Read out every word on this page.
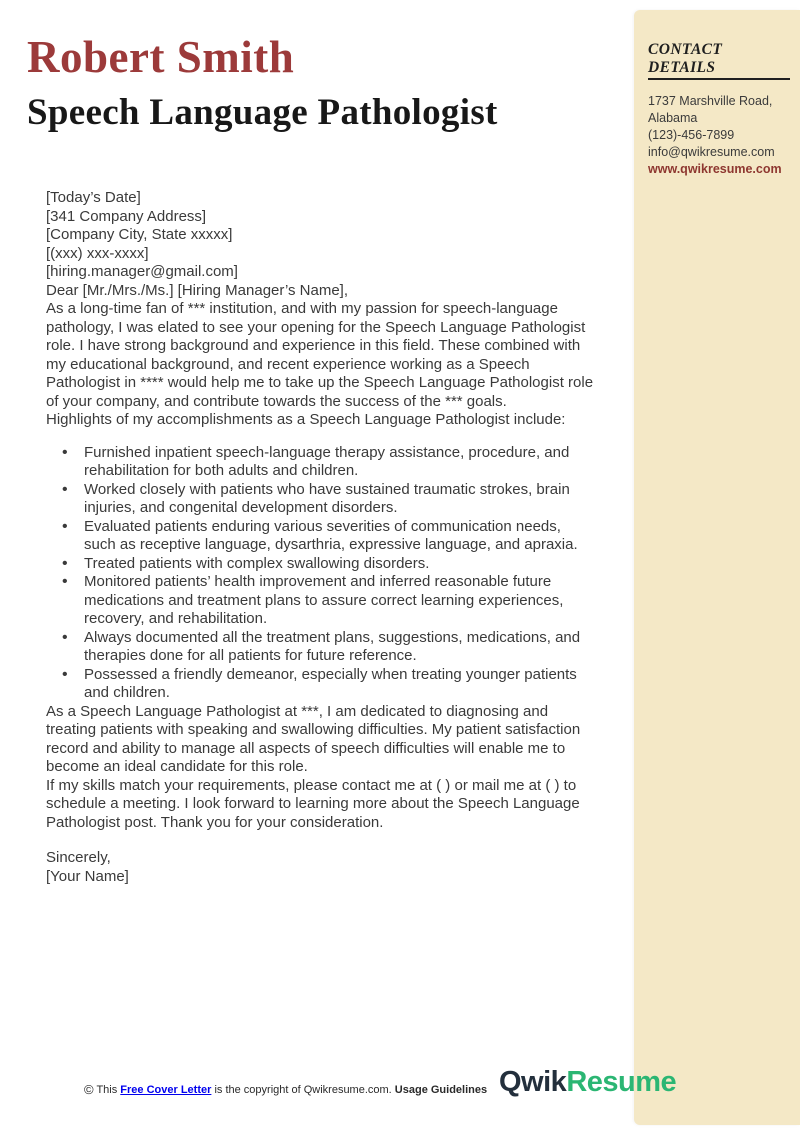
Robert Smith
Speech Language Pathologist
CONTACT DETAILS
1737 Marshville Road,
Alabama
(123)-456-7899
info@qwikresume.com
www.qwikresume.com

[Today’s Date]

[341 Company Address]
[Company City, State xxxxx]
[(xxx) xxx-xxxx]
[hiring.manager@gmail.com]

Dear [Mr./Mrs./Ms.] [Hiring Manager’s Name],

As a long-time fan of *** institution, and with my passion for speech-language pathology, I was elated to see your opening for the Speech Language Pathologist role. I have strong background and experience in this field. These combined with my educational background, and recent experience working as a Speech Pathologist in **** would help me to take up the Speech Language Pathologist role of your company, and contribute towards the success of the *** goals.

Highlights of my accomplishments as a Speech Language Pathologist include:

• Furnished inpatient speech-language therapy assistance, procedure, and rehabilitation for both adults and children.
• Worked closely with patients who have sustained traumatic strokes, brain injuries, and congenital development disorders.
• Evaluated patients enduring various severities of communication needs, such as receptive language, dysarthria, expressive language, and apraxia.
• Treated patients with complex swallowing disorders.
• Monitored patients’ health improvement and inferred reasonable future medications and treatment plans to assure correct learning experiences, recovery, and rehabilitation.
• Always documented all the treatment plans, suggestions, medications, and therapies done for all patients for future reference.
• Possessed a friendly demeanor, especially when treating younger patients and children.

As a Speech Language Pathologist at ***, I am dedicated to diagnosing and treating patients with speaking and swallowing difficulties. My patient satisfaction record and ability to manage all aspects of speech difficulties will enable me to become an ideal candidate for this role.

If my skills match your requirements, please contact me at ( ) or mail me at ( ) to schedule a meeting. I look forward to learning more about the Speech Language Pathologist post. Thank you for your consideration.

Sincerely,
[Your Name]
© This Free Cover Letter is the copyright of Qwikresume.com. Usage Guidelines QwikResume
